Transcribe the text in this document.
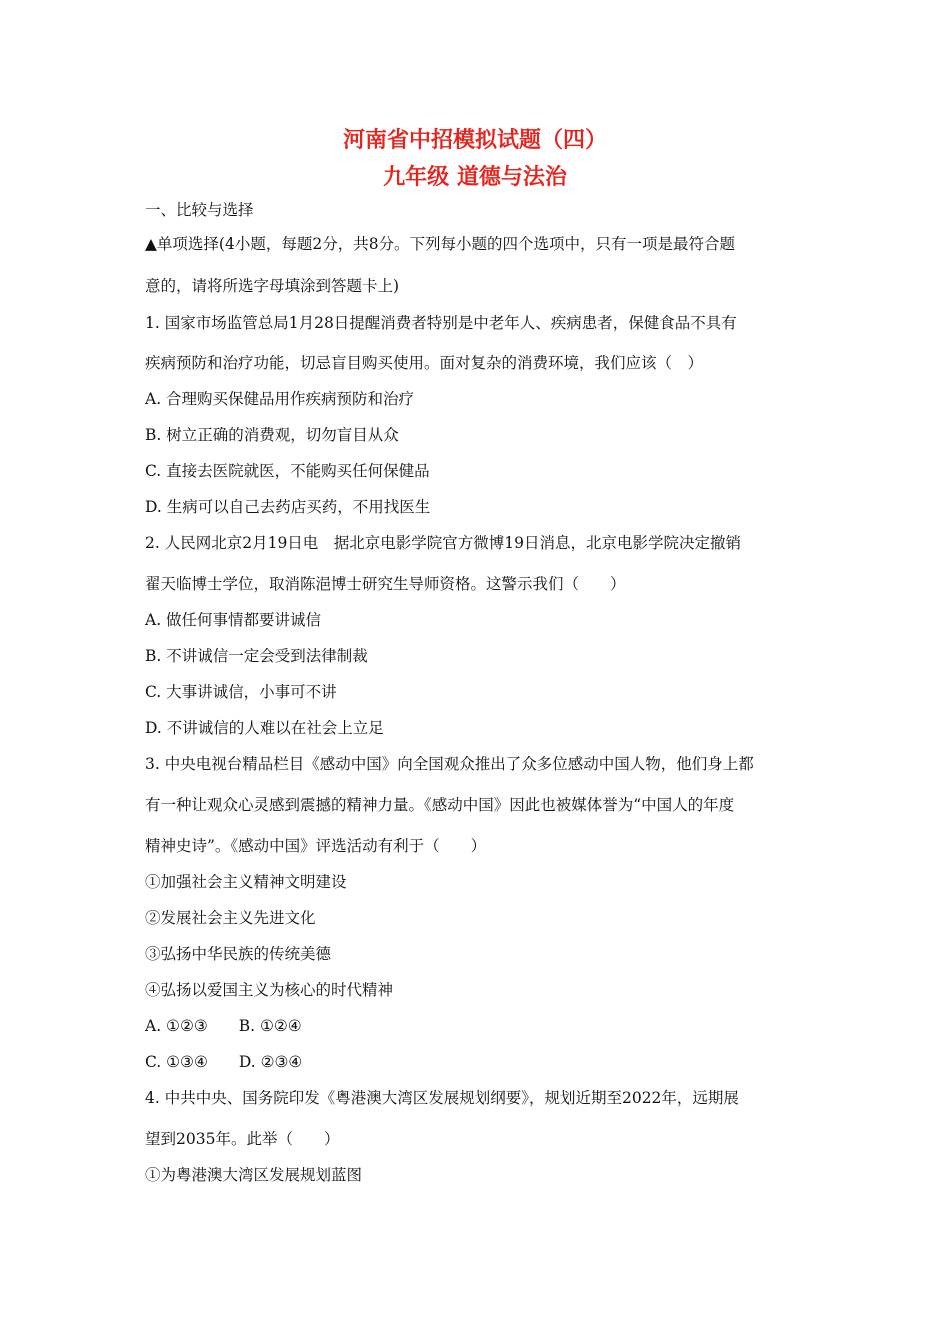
河南省中招模拟试题（四）
九年级 道德与法治
一、比较与选择
▲单项选择(4小题，每题2分，共8分。下列每小题的四个选项中，只有一项是最符合题
意的，请将所选字母填涂到答题卡上)
1. 国家市场监管总局1月28日提醒消费者特别是中老年人、疾病患者，保健食品不具有
疾病预防和治疗功能，切忌盲目购买使用。面对复杂的消费环境，我们应该（　）
A. 合理购买保健品用作疾病预防和治疗
B. 树立正确的消费观，切勿盲目从众
C. 直接去医院就医，不能购买任何保健品
D. 生病可以自己去药店买药，不用找医生
2. 人民网北京2月19日电　据北京电影学院官方微博19日消息，北京电影学院决定撤销
翟天临博士学位，取消陈浥博士研究生导师资格。这警示我们（　　）
A. 做任何事情都要讲诚信
B. 不讲诚信一定会受到法律制裁
C. 大事讲诚信，小事可不讲
D. 不讲诚信的人难以在社会上立足
3. 中央电视台精品栏目《感动中国》向全国观众推出了众多位感动中国人物，他们身上都
有一种让观众心灵感到震撼的精神力量。《感动中国》因此也被媒体誉为“中国人的年度
精神史诗”。《感动中国》评选活动有利于（　　）
①加强社会主义精神文明建设
②发展社会主义先进文化
③弘扬中华民族的传统美德
④弘扬以爱国主义为核心的时代精神
A. ①②③　　B. ①②④
C. ①③④　　D. ②③④
4. 中共中央、国务院印发《粤港澳大湾区发展规划纲要》，规划近期至2022年，远期展
望到2035年。此举（　　）
①为粤港澳大湾区发展规划蓝图
